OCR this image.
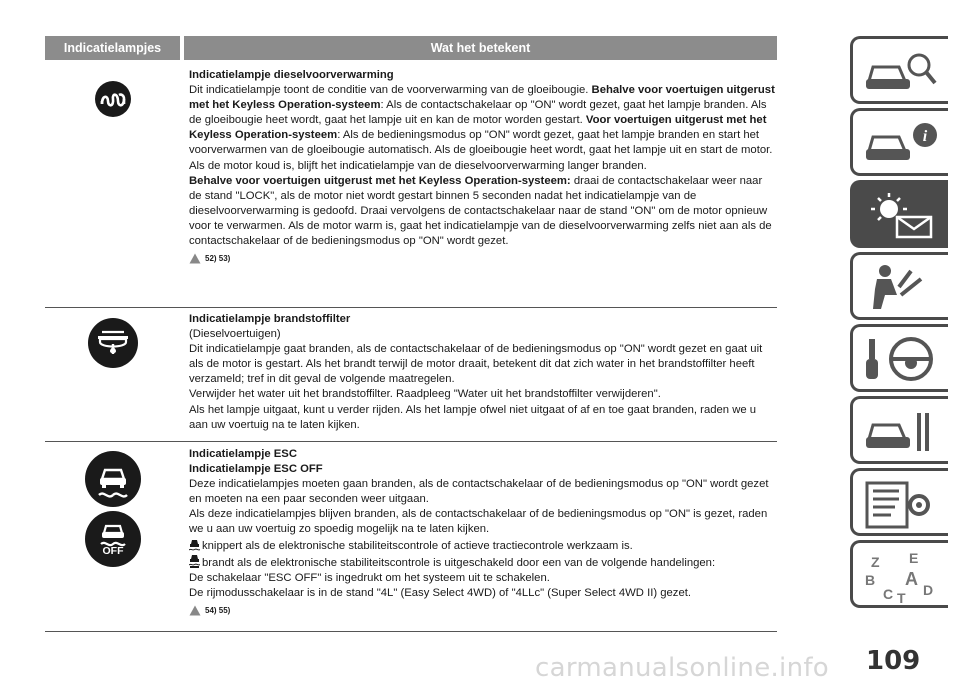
Indicatielampjes	Wat het betekent
Indicatielampje dieselvoorverwarming

Dit indicatielampje toont de conditie van de voorverwarming van de gloeibougie. Behalve voor voertuigen uitgerust met het Keyless Operation-systeem: Als de contactschakelaar op "ON" wordt gezet, gaat het lampje branden. Als de gloeibougie heet wordt, gaat het lampje uit en kan de motor worden gestart. Voor voertuigen uitgerust met het Keyless Operation-systeem: Als de bedieningsmodus op "ON" wordt gezet, gaat het lampje branden en start het voorverwarmen van de gloeibougie automatisch. Als de gloeibougie heet wordt, gaat het lampje uit en start de motor.

Als de motor koud is, blijft het indicatielampje van de dieselvoorverwarming langer branden.

Behalve voor voertuigen uitgerust met het Keyless Operation-systeem: draai de contactschakelaar weer naar de stand "LOCK", als de motor niet wordt gestart binnen 5 seconden nadat het indicatielampje van de dieselvoorverwarming is gedoofd. Draai vervolgens de contactschakelaar naar de stand "ON" om de motor opnieuw voor te verwarmen. Als de motor warm is, gaat het indicatielampje van de dieselvoorverwarming zelfs niet aan als de contactschakelaar of de bedieningsmodus op "ON" wordt gezet.

52) 53)
Indicatielampje brandstoffilter

(Dieselvoertuigen)

Dit indicatielampje gaat branden, als de contactschakelaar of de bedieningsmodus op "ON" wordt gezet en gaat uit als de motor is gestart. Als het brandt terwijl de motor draait, betekent dit dat zich water in het brandstoffilter heeft verzameld; tref in dit geval de volgende maatregelen.

Verwijder het water uit het brandstoffilter. Raadpleeg "Water uit het brandstoffilter verwijderen".

Als het lampje uitgaat, kunt u verder rijden. Als het lampje ofwel niet uitgaat of af en toe gaat branden, raden we u aan uw voertuig na te laten kijken.

OFF
Indicatielampje ESC
Indicatielampje ESC OFF

Deze indicatielampjes moeten gaan branden, als de contactschakelaar of de bedieningsmodus op "ON" wordt gezet en moeten na een paar seconden weer uitgaan.

Als deze indicatielampjes blijven branden, als de contactschakelaar of de bedieningsmodus op "ON" is gezet, raden we u aan uw voertuig zo spoedig mogelijk na te laten kijken.

knippert als de elektronische stabiliteitscontrole of actieve tractiecontrole werkzaam is.

brandt als de elektronische stabiliteitscontrole is uitgeschakeld door een van de volgende handelingen:

De schakelaar "ESC OFF" is ingedrukt om het systeem uit te schakelen.

De rijmodusschakelaar is in de stand "4L" (Easy Select 4WD) of "4LLc" (Super Select 4WD II) gezet.

54) 55)
i
Z E
B A
C D
T
carmanualsonline.info 109
